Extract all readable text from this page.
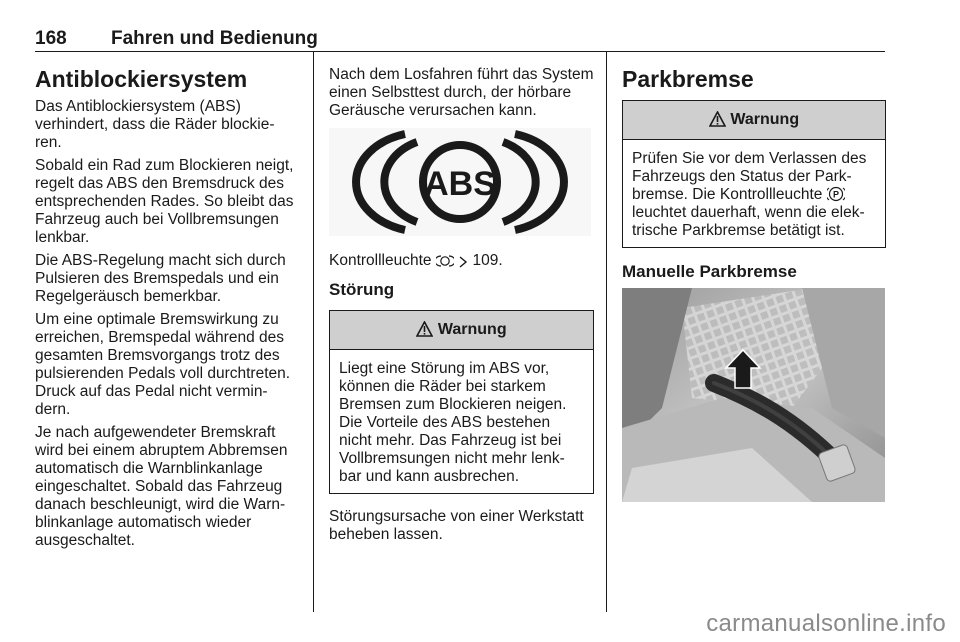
168 Fahren und Bedienung
Antiblockiersystem

Das Antiblockiersystem (ABS) verhindert, dass die Räder blockie‑ ren.

Sobald ein Rad zum Blockieren neigt, regelt das ABS den Bremsdruck des entsprechenden Rades. So bleibt das Fahrzeug auch bei Vollbremsungen lenkbar.

Die ABS‑Regelung macht sich durch Pulsieren des Bremspedals und ein Regelgeräusch bemerkbar.

Um eine optimale Bremswirkung zu erreichen, Bremspedal während des gesamten Bremsvorgangs trotz des pulsierenden Pedals voll durchtreten. Druck auf das Pedal nicht vermin‑ dern.

Je nach aufgewendeter Bremskraft wird bei einem abruptem Abbremsen automatisch die Warnblinkanlage eingeschaltet. Sobald das Fahrzeug danach beschleunigt, wird die Warn‑ blinkanlage automatisch wieder ausgeschaltet.

Nach dem Losfahren führt das System einen Selbsttest durch, der hörbare Geräusche verursachen kann.

ABS

Kontrollleuchte	109.

Störung
Warnung
Liegt eine Störung im ABS vor, können die Räder bei starkem Bremsen zum Blockieren neigen. Die Vorteile des ABS bestehen nicht mehr. Das Fahrzeug ist bei Vollbremsungen nicht mehr lenk‑ bar und kann ausbrechen.

Störungsursache von einer Werkstatt beheben lassen.

Parkbremse
Warnung
Prüfen Sie vor dem Verlassen des Fahrzeugs den Status der Park‑ bremse. Die Kontrollleuchte P
leuchtet dauerhaft, wenn die elek‑ trische Parkbremse betätigt ist.
Manuelle Parkbremse
carmanualsonline.info
